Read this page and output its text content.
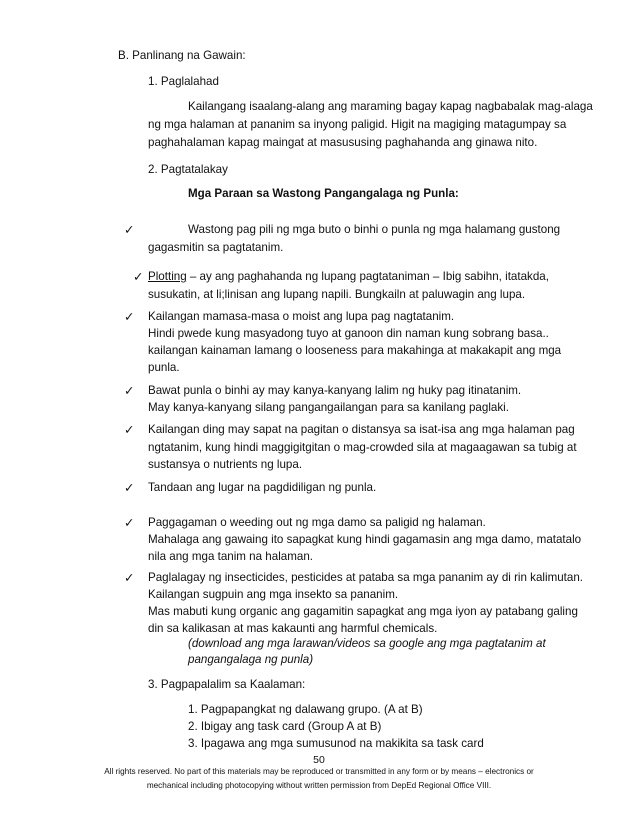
B. Panlinang na Gawain:
1. Paglalahad
Kailangang isaalang-alang ang maraming bagay kapag nagbabalak mag-alaga
ng mga halaman at pananim sa inyong paligid. Higit na magiging matagumpay sa
paghahalaman kapag maingat at masususing paghahanda ang ginawa nito.
2. Pagtatalakay
Mga Paraan sa Wastong Pangangalaga ng Punla:
✓	Wastong pag pili ng mga buto o binhi o punla ng mga halamang gustong
gagasmitin sa pagtatanim.
✓ Plotting – ay ang paghahanda ng lupang pagtataniman – Ibig sabihn, itatakda,
susukatin, at li;linisan ang lupang napili. Bungkailn at paluwagin ang lupa.
✓ Kailangan mamasa-masa o moist ang lupa pag nagtatanim.
Hindi pwede kung masyadong tuyo at ganoon din naman kung sobrang basa..
kailangan kainaman lamang o looseness para makahinga at makakapit ang mga
punla.
✓ Bawat punla o binhi ay may kanya-kanyang lalim ng huky pag itinatanim.
May kanya-kanyang silang pangangailangan para sa kanilang paglaki.
✓ Kailangan ding may sapat na pagitan o distansya sa isat-isa ang mga halaman pag
ngtatanim, kung hindi maggigitgitan o mag-crowded sila at magaagawan sa tubig at
sustansya o nutrients ng lupa.
✓ Tandaan ang lugar na pagdidiligan ng punla.
✓ Paggagaman o weeding out ng mga damo sa paligid ng halaman.
Mahalaga ang gawaing ito sapagkat kung hindi gagamasin ang mga damo, matatalo
nila ang mga tanim na halaman.
✓ Paglalagay ng insecticides, pesticides at pataba sa mga pananim ay di rin kalimutan.
Kailangan sugpuin ang mga insekto sa pananim.
Mas mabuti kung organic ang gagamitin sapagkat ang mga iyon ay patabang galing
din sa kalikasan at mas kakaunti ang harmful chemicals.
(download ang mga larawan/videos sa google ang mga pagtatanim at
pangangalaga ng punla)
3. Pagpapalalim sa Kaalaman:
1. Pagpapangkat ng dalawang grupo. (A at B)
2. Ibigay ang task card (Group A at B)
3. Ipagawa ang mga sumusunod na makikita sa task card
50
All rights reserved. No part of this materials may be reproduced or transmitted in any form or by means – electronics or
mechanical including photocopying without written permission from DepEd Regional Office VIII.
